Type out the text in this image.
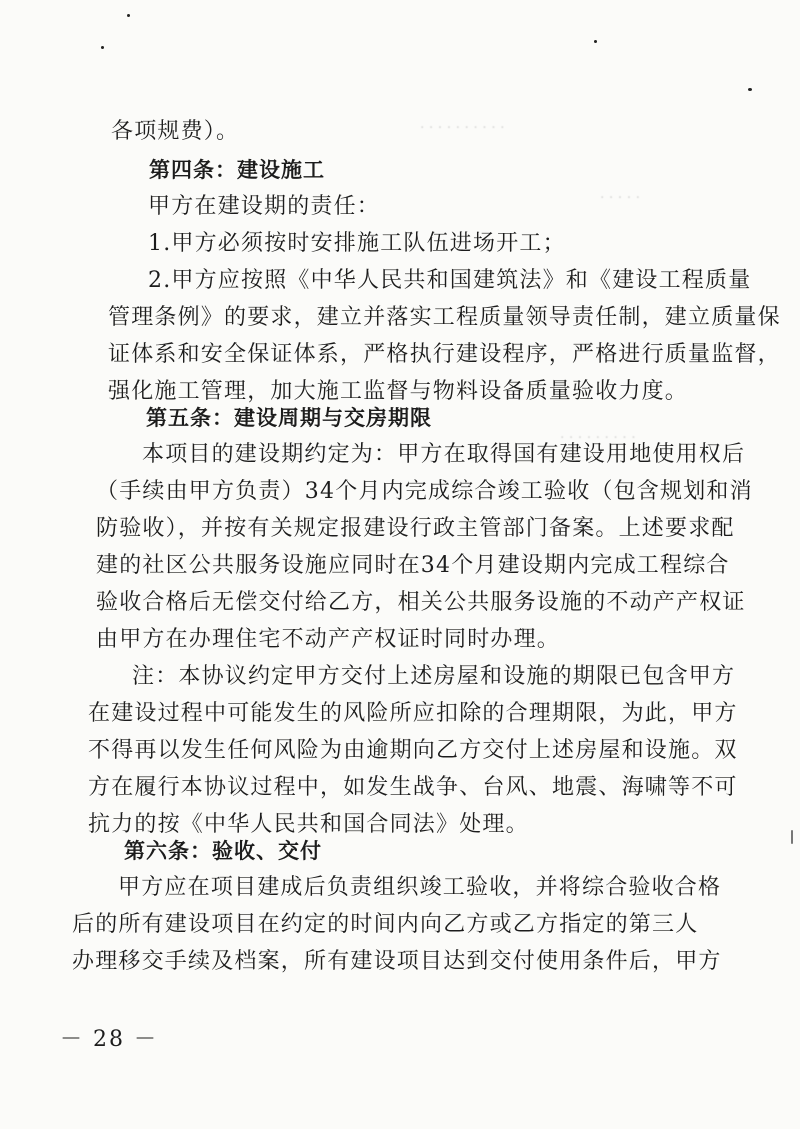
· · · · · · · · · ·
· · · · ·
· · · · · · · · ·
各项规费）。
第四条：建设施工
甲方在建设期的责任：
1.甲方必须按时安排施工队伍进场开工；
2.甲方应按照《中华人民共和国建筑法》和《建设工程质量
管理条例》的要求，建立并落实工程质量领导责任制，建立质量保
证体系和安全保证体系，严格执行建设程序，严格进行质量监督，
强化施工管理，加大施工监督与物料设备质量验收力度。
第五条：建设周期与交房期限
本项目的建设期约定为：甲方在取得国有建设用地使用权后
（手续由甲方负责）34个月内完成综合竣工验收（包含规划和消
防验收），并按有关规定报建设行政主管部门备案。上述要求配
建的社区公共服务设施应同时在34个月建设期内完成工程综合
验收合格后无偿交付给乙方，相关公共服务设施的不动产产权证
由甲方在办理住宅不动产产权证时同时办理。
注：本协议约定甲方交付上述房屋和设施的期限已包含甲方
在建设过程中可能发生的风险所应扣除的合理期限，为此，甲方
不得再以发生任何风险为由逾期向乙方交付上述房屋和设施。双
方在履行本协议过程中，如发生战争、台风、地震、海啸等不可
抗力的按《中华人民共和国合同法》处理。
第六条：验收、交付
甲方应在项目建成后负责组织竣工验收，并将综合验收合格
后的所有建设项目在约定的时间内向乙方或乙方指定的第三人
办理移交手续及档案，所有建设项目达到交付使用条件后，甲方
－ 28 －
